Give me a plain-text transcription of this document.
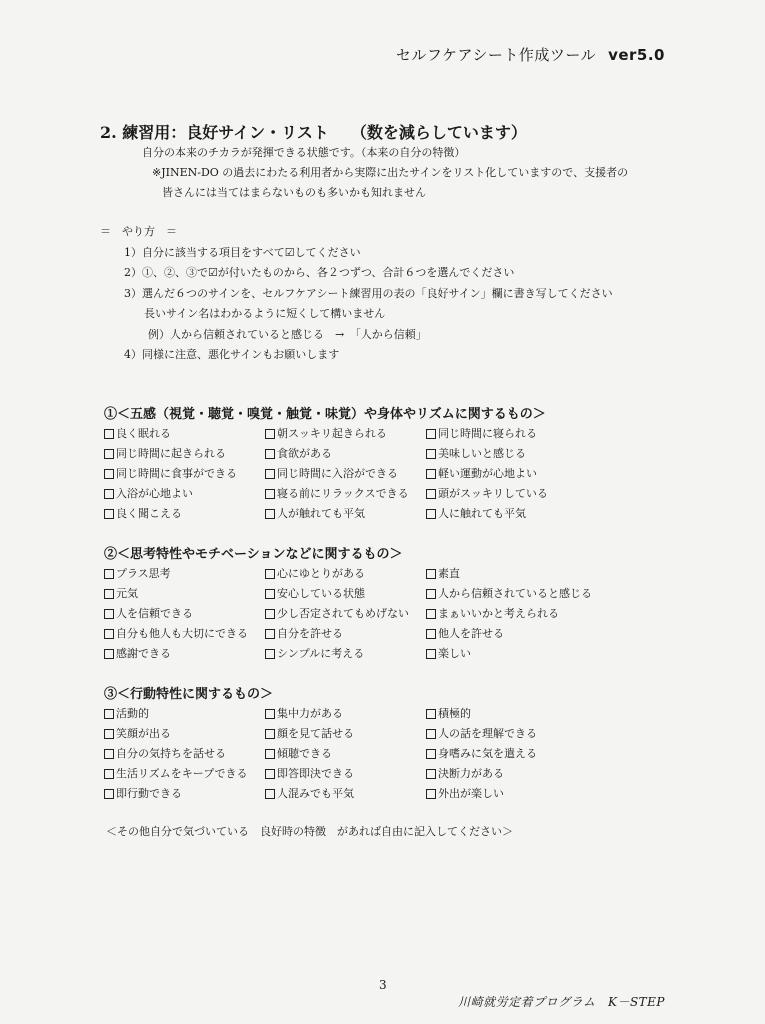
セルフケアシート作成ツール ver5.0
2. 練習用：良好サイン・リスト （数を減らしています）
自分の本来のチカラが発揮できる状態です。（本来の自分の特徴）
※JINEN-DO の過去にわたる利用者から実際に出たサインをリスト化していますので、支援者の
皆さんには当てはまらないものも多いかも知れません
＝　やり方　＝
1）自分に該当する項目をすべて☑してください
2）①、②、③で☑が付いたものから、各２つずつ、合計６つを選んでください
3）選んだ６つのサインを、セルフケアシート練習用の表の「良好サイン」欄に書き写してください
長いサイン名はわかるように短くして構いません
例）人から信頼されていると感じる　→　「人から信頼」
4）同様に注意、悪化サインもお願いします
①＜五感（視覚・聴覚・嗅覚・触覚・味覚）や身体やリズムに関するもの＞
良く眠れる	朝スッキリ起きられる	同じ時間に寝られる
同じ時間に起きられる	食欲がある	美味しいと感じる
同じ時間に食事ができる	同じ時間に入浴ができる	軽い運動が心地よい
入浴が心地よい	寝る前にリラックスできる	頭がスッキリしている
良く聞こえる	人が触れても平気	人に触れても平気
②＜思考特性やモチベーションなどに関するもの＞
プラス思考	心にゆとりがある	素直
元気	安心している状態	人から信頼されていると感じる
人を信頼できる	少し否定されてもめげない	まぁいいかと考えられる
自分も他人も大切にできる	自分を許せる	他人を許せる
感謝できる	シンプルに考える	楽しい
③＜行動特性に関するもの＞
活動的	集中力がある	積極的
笑顔が出る	顔を見て話せる	人の話を理解できる
自分の気持ちを話せる	傾聴できる	身嗜みに気を遣える
生活リズムをキープできる	即答即決できる	決断力がある
即行動できる	人混みでも平気	外出が楽しい
＜その他自分で気づいている　良好時の特徴　があれば自由に記入してください＞
3
川崎就労定着プログラム　K－STEP
